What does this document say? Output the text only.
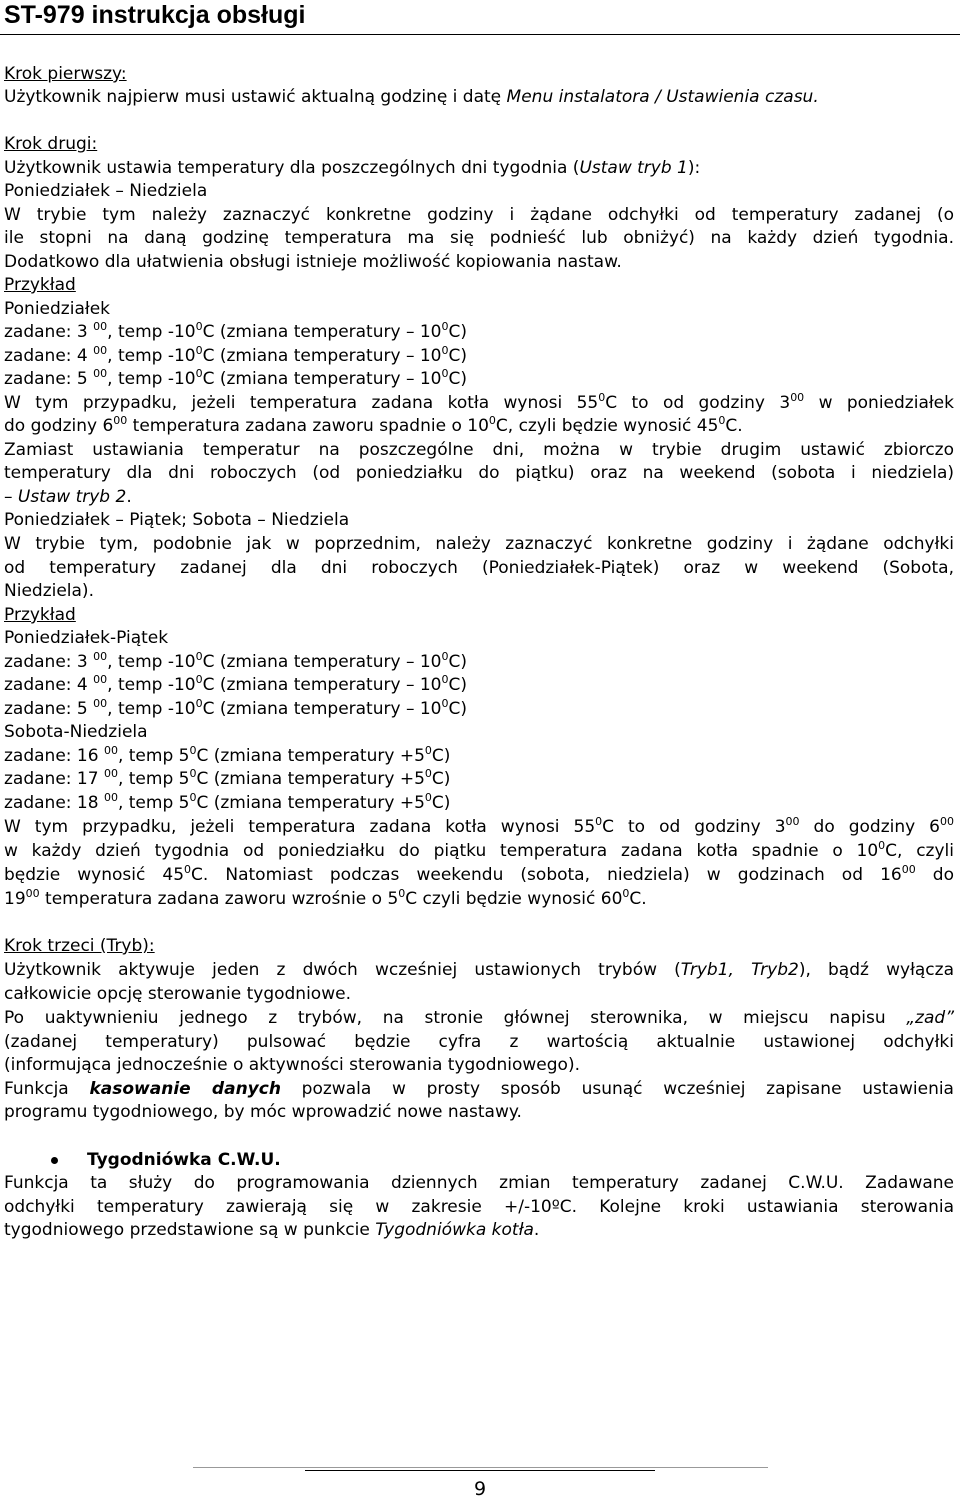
ST-979 instrukcja obsługi
Krok pierwszy:
Użytkownik najpierw musi ustawić aktualną godzinę i datę Menu instalatora / Ustawienia czasu.
Krok drugi:
Użytkownik ustawia temperatury dla poszczególnych dni tygodnia (Ustaw tryb 1):
Poniedziałek – Niedziela
W trybie tym należy zaznaczyć konkretne godziny i żądane odchyłki od temperatury zadanej (o
ile stopni na daną godzinę temperatura ma się podnieść lub obniżyć) na każdy dzień tygodnia.
Dodatkowo dla ułatwienia obsługi istnieje możliwość kopiowania nastaw.
Przykład
Poniedziałek
zadane: 3 $^{00}$, temp $-10^0C$ (zmiana temperatury – $10^0C$)
zadane: 4 $^{00}$, temp $-10^0C$ (zmiana temperatury – $10^0C$)
zadane: 5 $^{00}$, temp $-10^0C$ (zmiana temperatury – $10^0C$)
W tym przypadku, jeżeli temperatura zadana kotła wynosi $55^0C$ to od godziny $3^{00}$ w poniedziałek
do godziny $6^{00}$ temperatura zadana zaworu spadnie o $10^0C$, czyli będzie wynosić $45^0C$.
Zamiast ustawiania temperatur na poszczególne dni, można w trybie drugim ustawić zbiorczo
temperatury dla dni roboczych (od poniedziałku do piątku) oraz na weekend (sobota i niedziela)
– Ustaw tryb 2.
Poniedziałek – Piątek; Sobota – Niedziela
W trybie tym, podobnie jak w poprzednim, należy zaznaczyć konkretne godziny i żądane odchyłki
od temperatury zadanej dla dni roboczych (Poniedziałek-Piątek) oraz w weekend (Sobota,
Niedziela).
Przykład
Poniedziałek-Piątek
zadane: 3 $^{00}$, temp $-10^0C$ (zmiana temperatury – $10^0C$)
zadane: 4 $^{00}$, temp $-10^0C$ (zmiana temperatury – $10^0C$)
zadane: 5 $^{00}$, temp $-10^0C$ (zmiana temperatury – $10^0C$)
Sobota-Niedziela
zadane: 16 $^{00}$, temp $5^0C$ (zmiana temperatury $+5^0C$)
zadane: 17 $^{00}$, temp $5^0C$ (zmiana temperatury $+5^0C$)
zadane: 18 $^{00}$, temp $5^0C$ (zmiana temperatury $+5^0C$)
W tym przypadku, jeżeli temperatura zadana kotła wynosi $55^0C$ to od godziny $3^{00}$ do godziny $6^{00}$
w każdy dzień tygodnia od poniedziałku do piątku temperatura zadana kotła spadnie o $10^0C$, czyli
będzie wynosić $45^0C$. Natomiast podczas weekendu (sobota, niedziela) w godzinach od $16^{00}$ do
$19^{00}$ temperatura zadana zaworu wzrośnie o $5^0C$ czyli będzie wynosić $60^0C$.
Krok trzeci (Tryb):
Użytkownik aktywuje jeden z dwóch wcześniej ustawionych trybów (Tryb1, Tryb2), bądź wyłącza
całkowicie opcję sterowanie tygodniowe.
Po uaktywnieniu jednego z trybów, na stronie głównej sterownika, w miejscu napisu „zad”
(zadanej temperatury) pulsować będzie cyfra z wartością aktualnie ustawionej odchyłki
(informująca jednocześnie o aktywności sterowania tygodniowego).
Funkcja kasowanie danych pozwala w prosty sposób usunąć wcześniej zapisane ustawienia
programu tygodniowego, by móc wprowadzić nowe nastawy.
Tygodniówka C.W.U.
Funkcja ta służy do programowania dziennych zmian temperatury zadanej C.W.U. Zadawane
odchyłki temperatury zawierają się w zakresie +/-10ºC. Kolejne kroki ustawiania sterowania
tygodniowego przedstawione są w punkcie Tygodniówka kotła.
9
